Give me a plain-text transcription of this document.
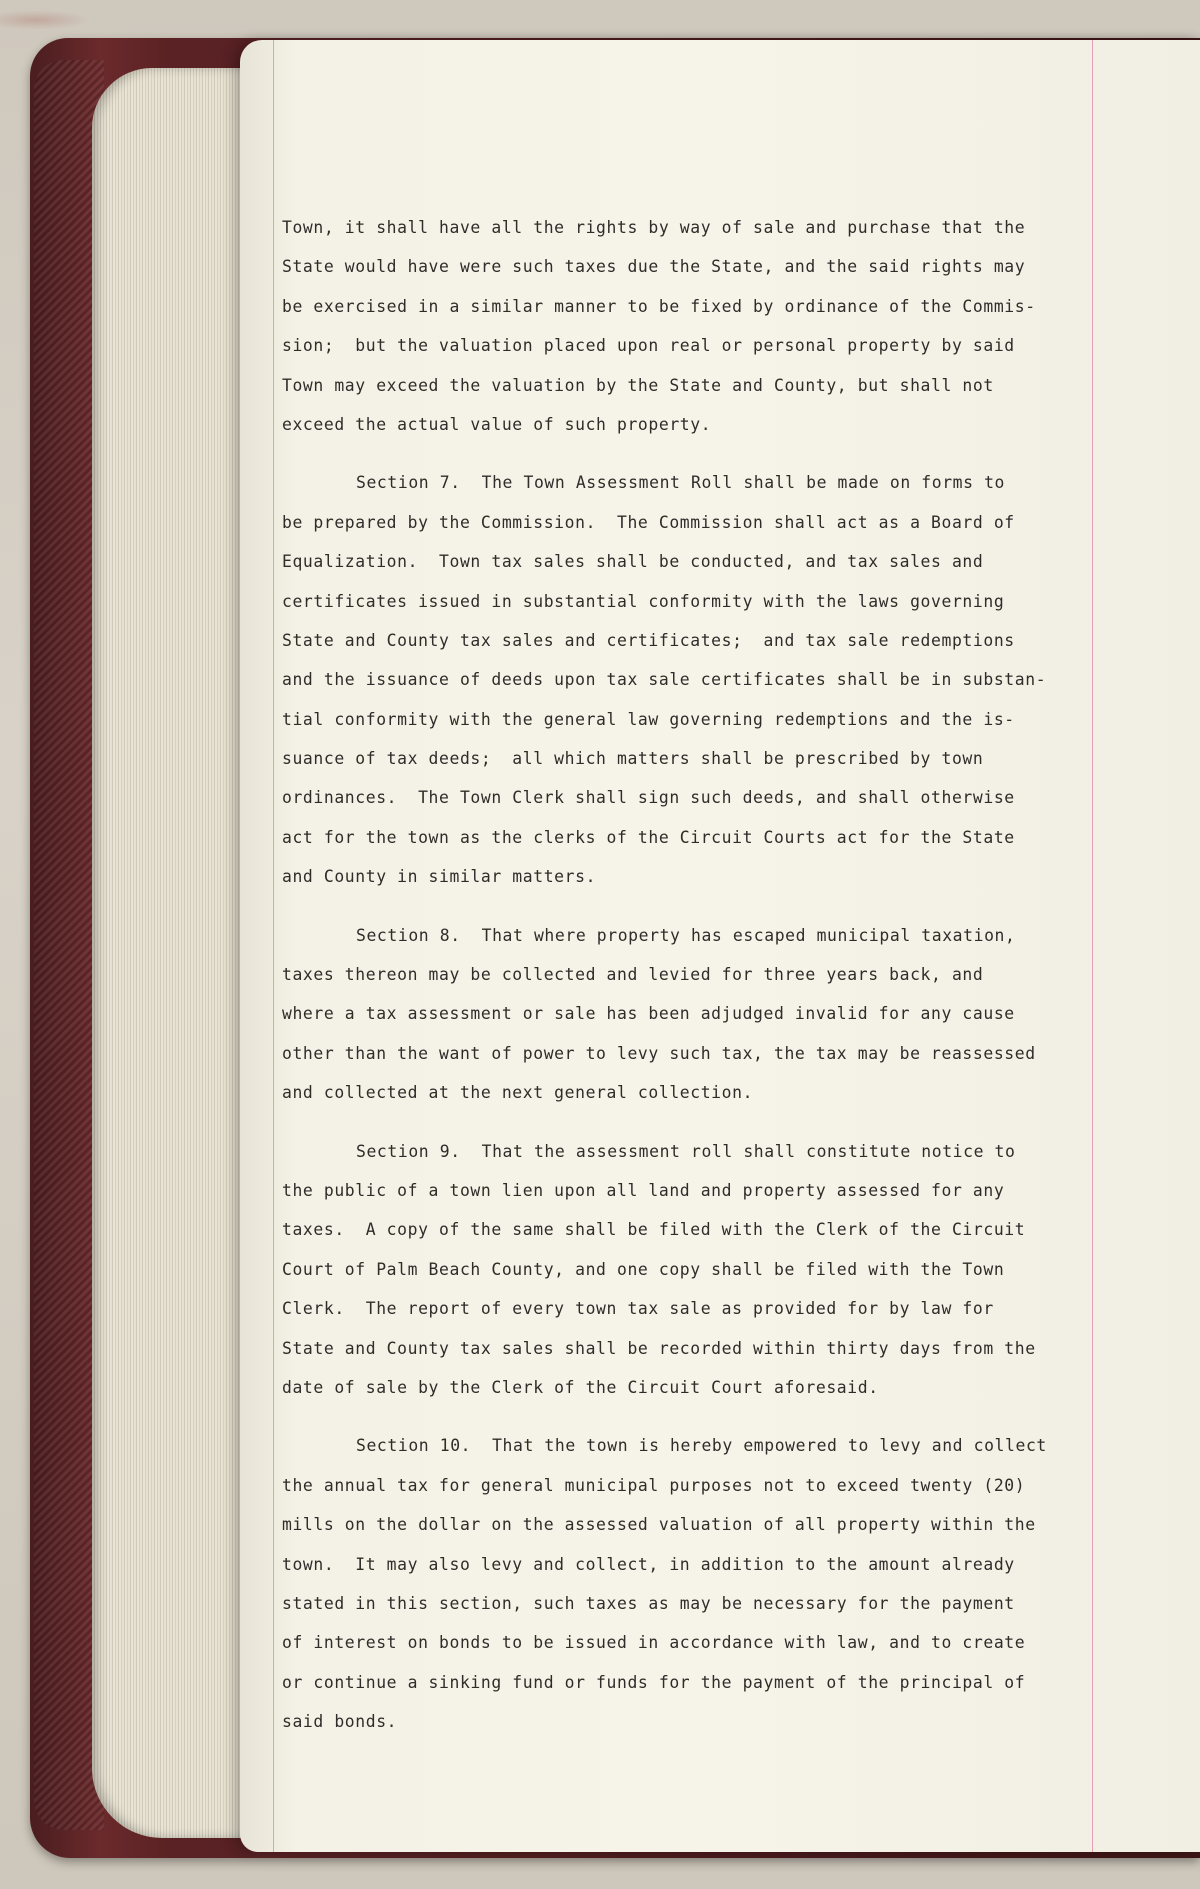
Town, it shall have all the rights by way of sale and purchase that the
State would have were such taxes due the State, and the said rights may
be exercised in a similar manner to be fixed by ordinance of the Commis-
sion;  but the valuation placed upon real or personal property by said
Town may exceed the valuation by the State and County, but shall not
exceed the actual value of such property.
Section 7.  The Town Assessment Roll shall be made on forms to
be prepared by the Commission.  The Commission shall act as a Board of
Equalization.  Town tax sales shall be conducted, and tax sales and
certificates issued in substantial conformity with the laws governing
State and County tax sales and certificates;  and tax sale redemptions
and the issuance of deeds upon tax sale certificates shall be in substan-
tial conformity with the general law governing redemptions and the is-
suance of tax deeds;  all which matters shall be prescribed by town
ordinances.  The Town Clerk shall sign such deeds, and shall otherwise
act for the town as the clerks of the Circuit Courts act for the State
and County in similar matters.
Section 8.  That where property has escaped municipal taxation,
taxes thereon may be collected and levied for three years back, and
where a tax assessment or sale has been adjudged invalid for any cause
other than the want of power to levy such tax, the tax may be reassessed
and collected at the next general collection.
Section 9.  That the assessment roll shall constitute notice to
the public of a town lien upon all land and property assessed for any
taxes.  A copy of the same shall be filed with the Clerk of the Circuit
Court of Palm Beach County, and one copy shall be filed with the Town
Clerk.  The report of every town tax sale as provided for by law for
State and County tax sales shall be recorded within thirty days from the
date of sale by the Clerk of the Circuit Court aforesaid.
Section 10.  That the town is hereby empowered to levy and collect
the annual tax for general municipal purposes not to exceed twenty (20)
mills on the dollar on the assessed valuation of all property within the
town.  It may also levy and collect, in addition to the amount already
stated in this section, such taxes as may be necessary for the payment
of interest on bonds to be issued in accordance with law, and to create
or continue a sinking fund or funds for the payment of the principal of
said bonds.
